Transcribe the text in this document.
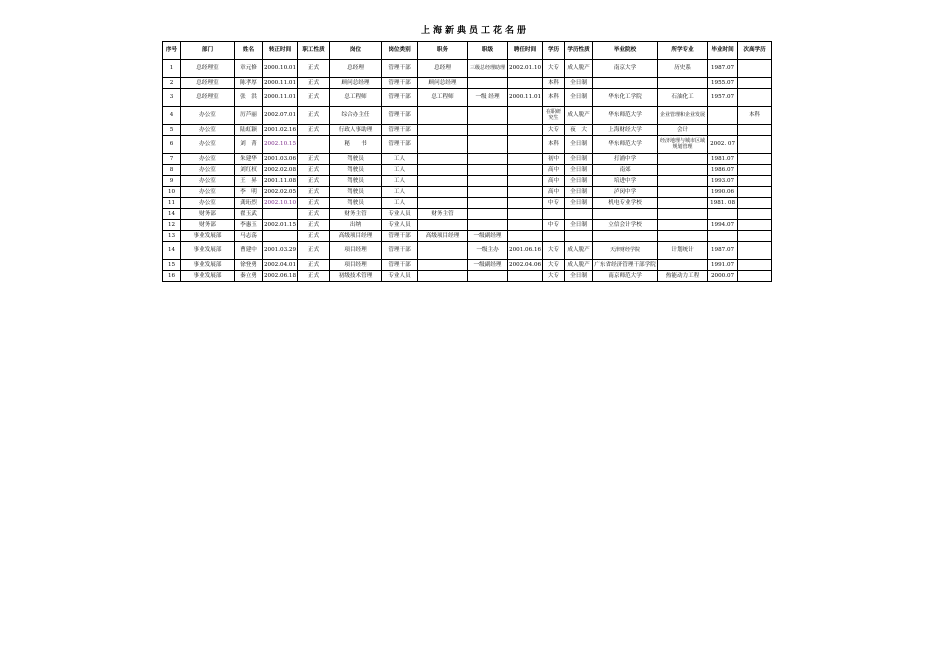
上海新典员工花名册
序号	部门	姓名	转正时间	职工性质	岗位	岗位类别	职务	职级	聘任时间	学历	学历性质	毕业院校	所学专业	毕业时间	次高学历
1	总经理室	章元修	2000.10.01	正式	总经理	管理干部	总经理	三级总经理助理	2002.01.10	大专	成人脱产	南京大学	历史系	1987.07	
2	总经理室	陈孝厚	2000.11.01	正式	顾问总经理	管理干部	顾问总经理			本科	全日制			1955.07	
3	总经理室	张　洪	2000.11.01	正式	总工程师	管理干部	总工程师	一级 经理	2000.11.01	本科	全日制	华东化工学院	石油化工	1957.07	
4	办公室	厉芦丽	2002.07.01	正式	综合办主任	管理干部				在职研究生	成人脱产	华东师范大学	企业管理和企业发展		本科
5	办公室	陆虹颖	2001.02.16	正式	行政人事助理	管理干部				大专	夜　大	上海财经大学	会计		
6	办公室	刘　菁	2002.10.15		秘　　书	管理干部				本科	全日制	华东师范大学	经济地理与城市区域规划管理	2002. 07	
7	办公室	朱建华	2001.03.06	正式	驾驶员	工人				初中	全日制	打浦中学		1981.07	
8	办公室	刘红权	2002.02.08	正式	驾驶员	工人				高中	全日制	南郊		1986.07	
9	办公室	王　昇	2001.11.08	正式	驾驶员	工人				高中	全日制	培进中学		1993.07	
10	办公室	李　明	2002.02.05	正式	驾驶员	工人				高中	全日制	泸闵中学		1990.06	
11	办公室	龚珩烈	2002.10.10	正式	驾驶员	工人				中专	全日制	机电专业学校		1981. 08	
14	财务部	翟玉武		正式	财务主管	专业人员	财务主管								
12	财务部	李惠玉	2002.01.15	正式	出纳	专业人员				中专	全日制	立信会计学校		1994.07	
13	事业发展部	马志荡		正式	高级项目经理	管理干部	高级项目经理	一级副经理							
14	事业发展部	曹建中	2001.03.29	正式	项目经理	管理干部		一级主办	2001.06.16	大专	成人脱产	天津财经学院	计划统计	1987.07	
15	事业发展部	徐登勇	2002.04.01	正式	项目经理	管理干部		一级副经理	2002.04.06	大专	成人脱产	广东省经济管理干部学院		1991.07	
16	事业发展部	秦立勇	2002.06.18	正式	初级技术管理	专业人员				大专	全日制	南京师范大学	热能动力工程	2000.07	
